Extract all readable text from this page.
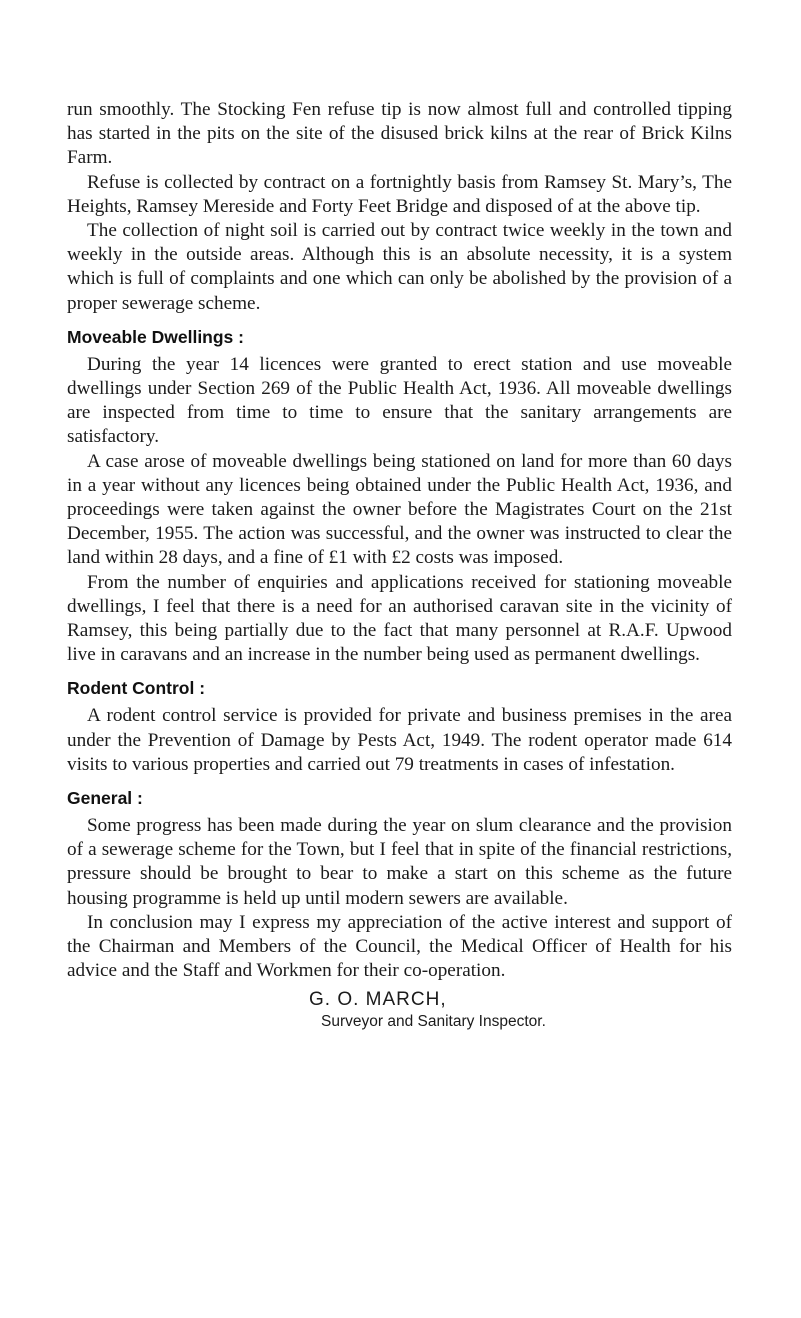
run smoothly. The Stocking Fen refuse tip is now almost full and controlled tipping has started in the pits on the site of the disused brick kilns at the rear of Brick Kilns Farm.

Refuse is collected by contract on a fortnightly basis from Ramsey St. Mary’s, The Heights, Ramsey Mereside and Forty Feet Bridge and disposed of at the above tip.

The collection of night soil is carried out by contract twice weekly in the town and weekly in the outside areas. Although this is an absolute necessity, it is a system which is full of complaints and one which can only be abolished by the provision of a proper sewerage scheme.

Moveable Dwellings :

During the year 14 licences were granted to erect station and use moveable dwellings under Section 269 of the Public Health Act, 1936. All moveable dwellings are inspected from time to time to ensure that the sanitary arrangements are satisfactory.

A case arose of moveable dwellings being stationed on land for more than 60 days in a year without any licences being obtained under the Public Health Act, 1936, and proceedings were taken against the owner before the Magistrates Court on the 21st December, 1955. The action was successful, and the owner was instructed to clear the land within 28 days, and a fine of £1 with £2 costs was imposed.

From the number of enquiries and applications received for stationing moveable dwellings, I feel that there is a need for an authorised caravan site in the vicinity of Ramsey, this being partially due to the fact that many personnel at R.A.F. Upwood live in caravans and an increase in the number being used as permanent dwellings.

Rodent Control :

A rodent control service is provided for private and business premises in the area under the Prevention of Damage by Pests Act, 1949. The rodent operator made 614 visits to various properties and carried out 79 treatments in cases of infestation.

General :

Some progress has been made during the year on slum clearance and the provision of a sewerage scheme for the Town, but I feel that in spite of the financial restrictions, pressure should be brought to bear to make a start on this scheme as the future housing programme is held up until modern sewers are available.

In conclusion may I express my appreciation of the active interest and support of the Chairman and Members of the Council, the Medical Officer of Health for his advice and the Staff and Workmen for their co-operation.

G. O. MARCH,
Surveyor and Sanitary Inspector.
